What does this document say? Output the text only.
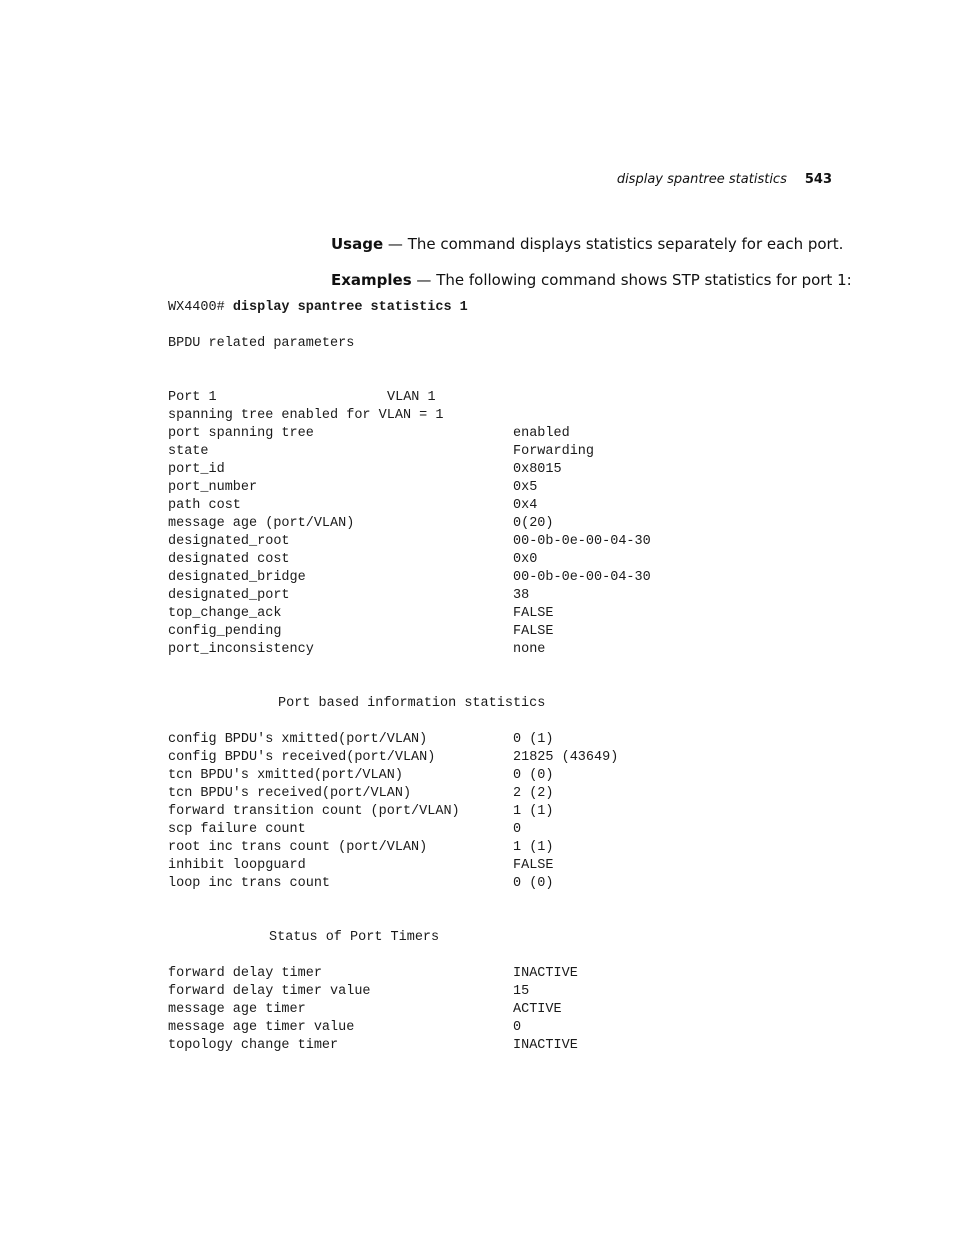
display spantree statistics 543
Usage — The command displays statistics separately for each port.
Examples — The following command shows STP statistics for port 1:
WX4400# display spantree statistics 1
BPDU related parameters
Port 1	VLAN 1
spanning tree enabled for VLAN = 1
port spanning tree	enabled
state	Forwarding
port_id	0x8015
port_number	0x5
path cost	0x4
message age (port/VLAN)	0(20)
designated_root	00-0b-0e-00-04-30
designated cost	0x0
designated_bridge	00-0b-0e-00-04-30
designated_port	38
top_change_ack	FALSE
config_pending	FALSE
port_inconsistency	none
Port based information statistics
config BPDU's xmitted(port/VLAN)	0 (1)
config BPDU's received(port/VLAN)	21825 (43649)
tcn BPDU's xmitted(port/VLAN)	0 (0)
tcn BPDU's received(port/VLAN)	2 (2)
forward transition count (port/VLAN)	1 (1)
scp failure count	0
root inc trans count (port/VLAN)	1 (1)
inhibit loopguard	FALSE
loop inc trans count	0 (0)
Status of Port Timers
forward delay timer	INACTIVE
forward delay timer value	15
message age timer	ACTIVE
message age timer value	0
topology change timer	INACTIVE
